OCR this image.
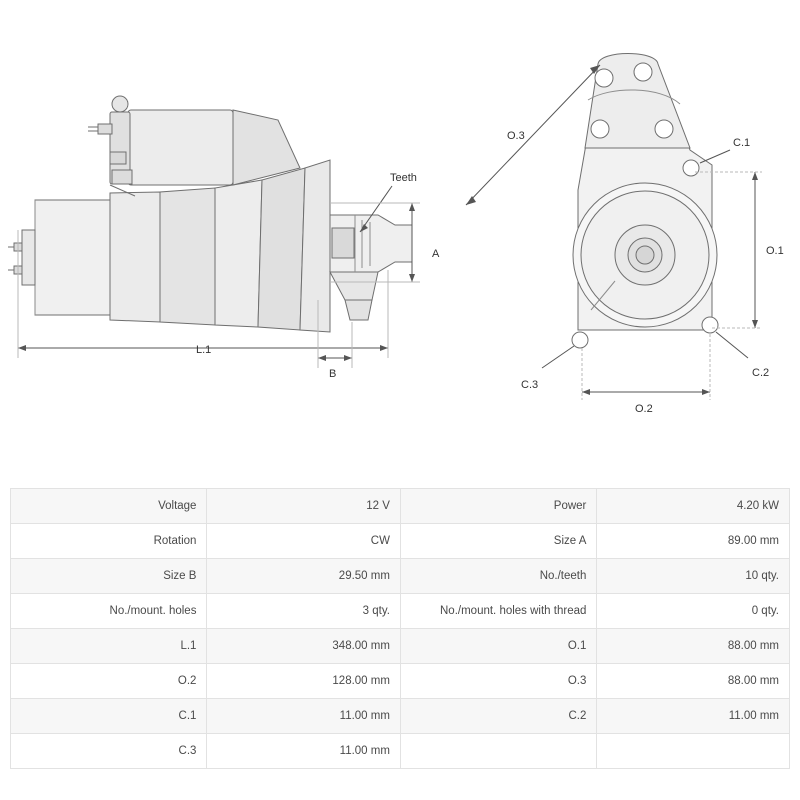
Teeth
A
L.1
B
O.3
C.1
O.1
C.2
C.3
O.2
Voltage	12 V	Power	4.20 kW
Rotation	CW	Size A	89.00 mm
Size B	29.50 mm	No./teeth	10 qty.
No./mount. holes	3 qty.	No./mount. holes with thread	0 qty.
L.1	348.00 mm	O.1	88.00 mm
O.2	128.00 mm	O.3	88.00 mm
C.1	11.00 mm	C.2	11.00 mm
C.3	11.00 mm		
